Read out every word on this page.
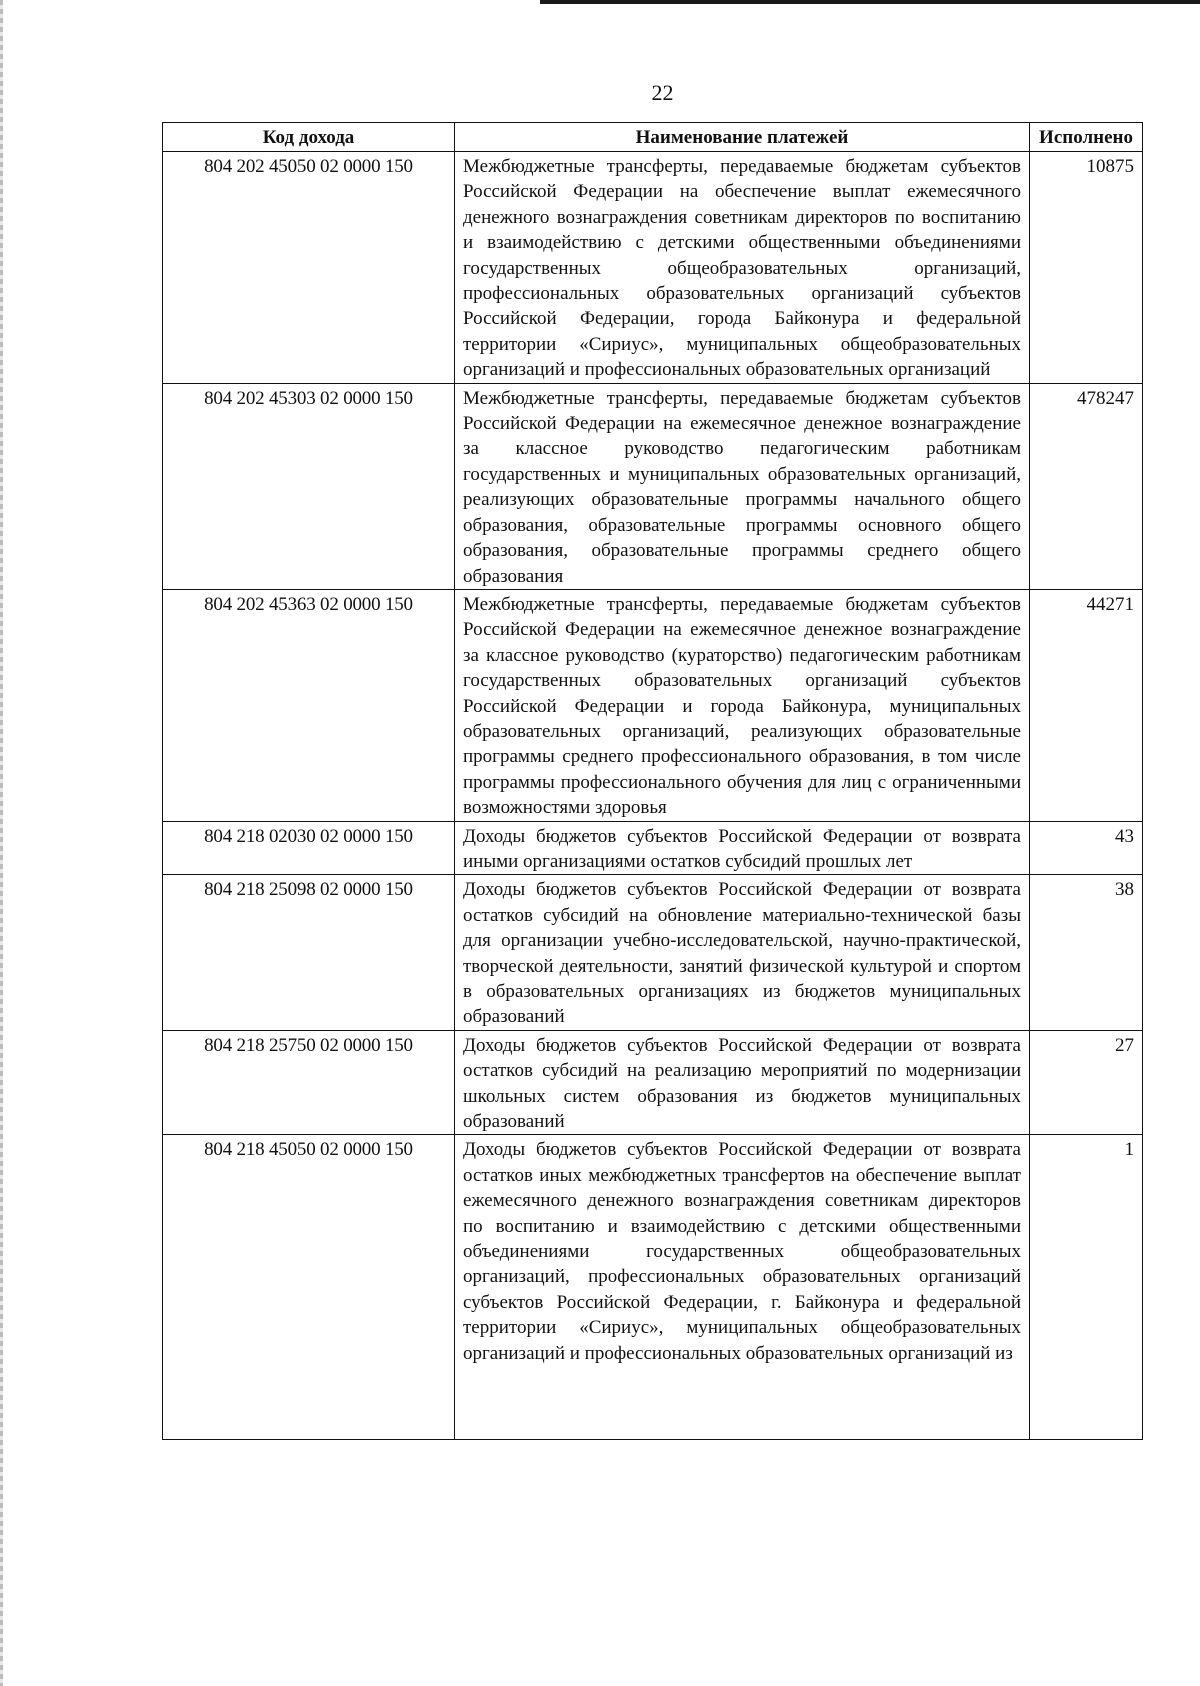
22
Код дохода	Наименование платежей	Исполнено
804 202 45050 02 0000 150	Межбюджетные трансферты, передаваемые бюджетам субъектов Российской Федерации на обеспечение выплат ежемесячного денежного вознаграждения советникам директоров по воспитанию и взаимодействию с детскими общественными объединениями государственных общеобразовательных организаций, профессиональных образовательных организаций субъектов Российской Федерации, города Байконура и федеральной территории «Сириус», муниципальных общеобразовательных организаций и профессиональных образовательных организаций	10875
804 202 45303 02 0000 150	Межбюджетные трансферты, передаваемые бюджетам субъектов Российской Федерации на ежемесячное денежное вознаграждение за классное руководство педагогическим работникам государственных и муниципальных образовательных организаций, реализующих образовательные программы начального общего образования, образовательные программы основного общего образования, образовательные программы среднего общего образования	478247
804 202 45363 02 0000 150	Межбюджетные трансферты, передаваемые бюджетам субъектов Российской Федерации на ежемесячное денежное вознаграждение за классное руководство (кураторство) педагогическим работникам государственных образовательных организаций субъектов Российской Федерации и города Байконура, муниципальных образовательных организаций, реализующих образовательные программы среднего профессионального образования, в том числе программы профессионального обучения для лиц с ограниченными возможностями здоровья	44271
804 218 02030 02 0000 150	Доходы бюджетов субъектов Российской Федерации от возврата иными организациями остатков субсидий прошлых лет	43
804 218 25098 02 0000 150	Доходы бюджетов субъектов Российской Федерации от возврата остатков субсидий на обновление материально-технической базы для организации учебно-исследовательской, научно-практической, творческой деятельности, занятий физической культурой и спортом в образовательных организациях из бюджетов муниципальных образований	38
804 218 25750 02 0000 150	Доходы бюджетов субъектов Российской Федерации от возврата остатков субсидий на реализацию мероприятий по модернизации школьных систем образования из бюджетов муниципальных образований	27
804 218 45050 02 0000 150	Доходы бюджетов субъектов Российской Федерации от возврата остатков иных межбюджетных трансфертов на обеспечение выплат ежемесячного денежного вознаграждения советникам директоров по воспитанию и взаимодействию с детскими общественными объединениями государственных общеобразовательных организаций, профессиональных образовательных организаций субъектов Российской Федерации, г. Байконура и федеральной территории «Сириус», муниципальных общеобразовательных организаций и профессиональных образовательных организаций из	1
